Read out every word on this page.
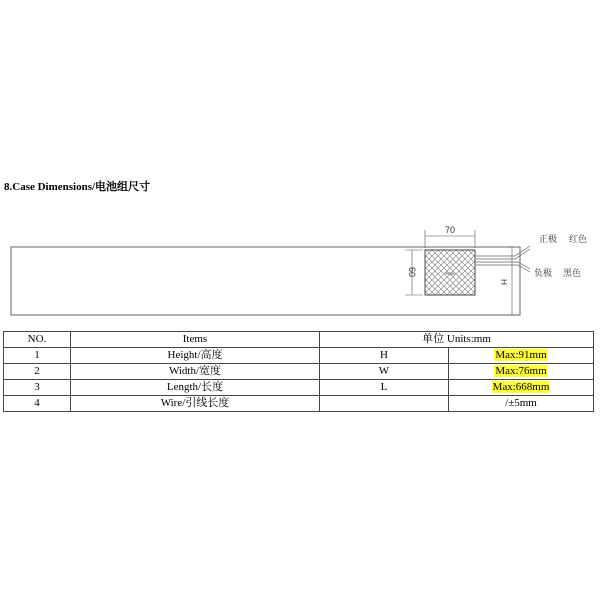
8.Case Dimensions/电池组尺寸
PCM
70
60
H
正极 红色
负极 黑色
NO.	Items	单位 Units:mm	
1	Height/高度	H	Max:91mm
2	Width/宽度	W	Max:76mm
3	Length/长度	L	Max:668mm
4	Wire/引线长度		/±5mm
